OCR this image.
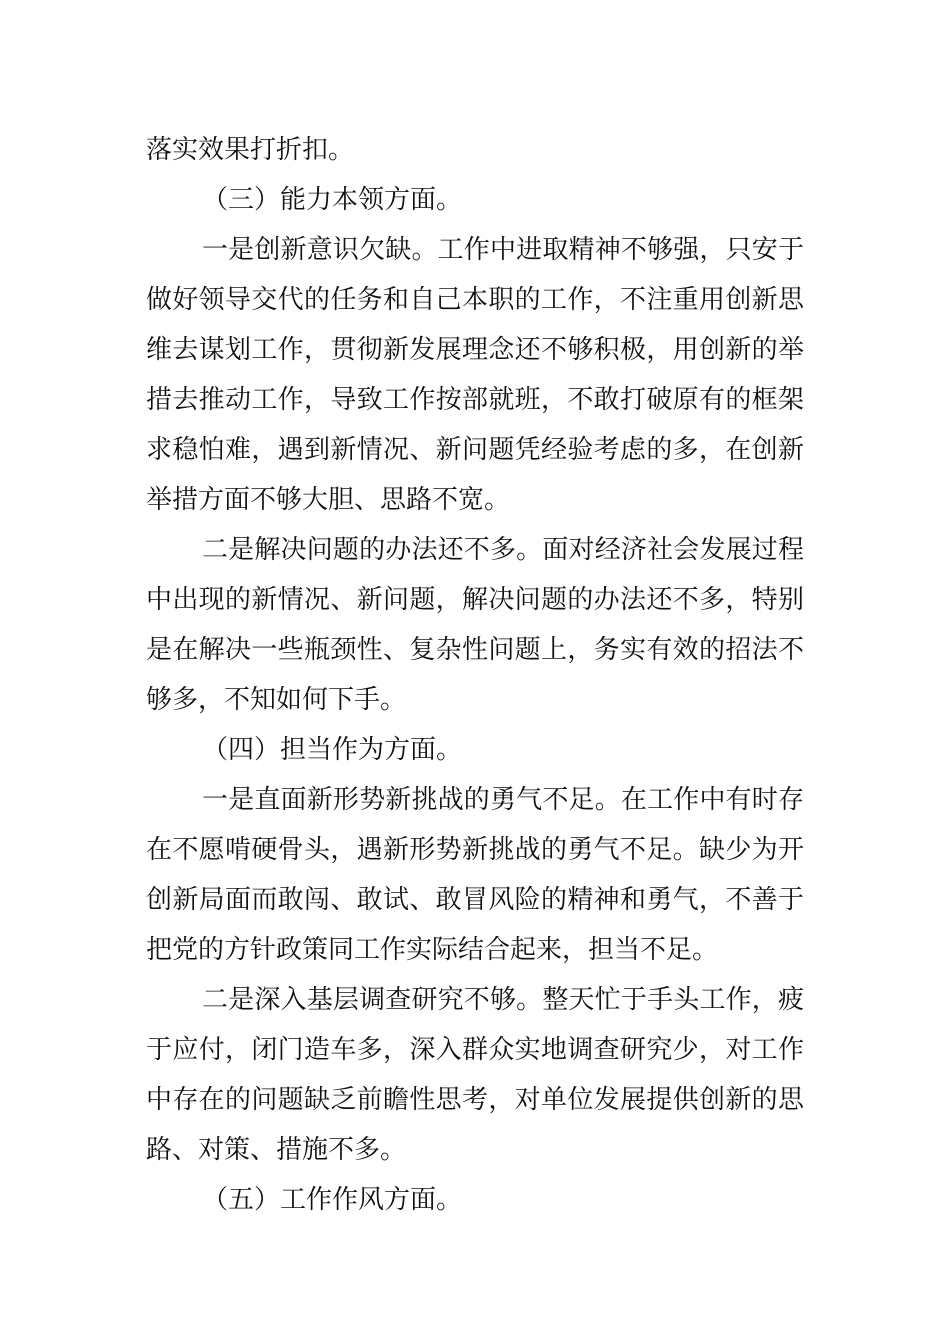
落实效果打折扣。
（三）能力本领方面。
一是创新意识欠缺。工作中进取精神不够强，只安于
做好领导交代的任务和自己本职的工作，不注重用创新思
维去谋划工作，贯彻新发展理念还不够积极，用创新的举
措去推动工作，导致工作按部就班，不敢打破原有的框架
求稳怕难，遇到新情况、新问题凭经验考虑的多，在创新
举措方面不够大胆、思路不宽。
二是解决问题的办法还不多。面对经济社会发展过程
中出现的新情况、新问题，解决问题的办法还不多，特别
是在解决一些瓶颈性、复杂性问题上，务实有效的招法不
够多，不知如何下手。
（四）担当作为方面。
一是直面新形势新挑战的勇气不足。在工作中有时存
在不愿啃硬骨头，遇新形势新挑战的勇气不足。缺少为开
创新局面而敢闯、敢试、敢冒风险的精神和勇气，不善于
把党的方针政策同工作实际结合起来，担当不足。
二是深入基层调查研究不够。整天忙于手头工作，疲
于应付，闭门造车多，深入群众实地调查研究少，对工作
中存在的问题缺乏前瞻性思考，对单位发展提供创新的思
路、对策、措施不多。
（五）工作作风方面。
